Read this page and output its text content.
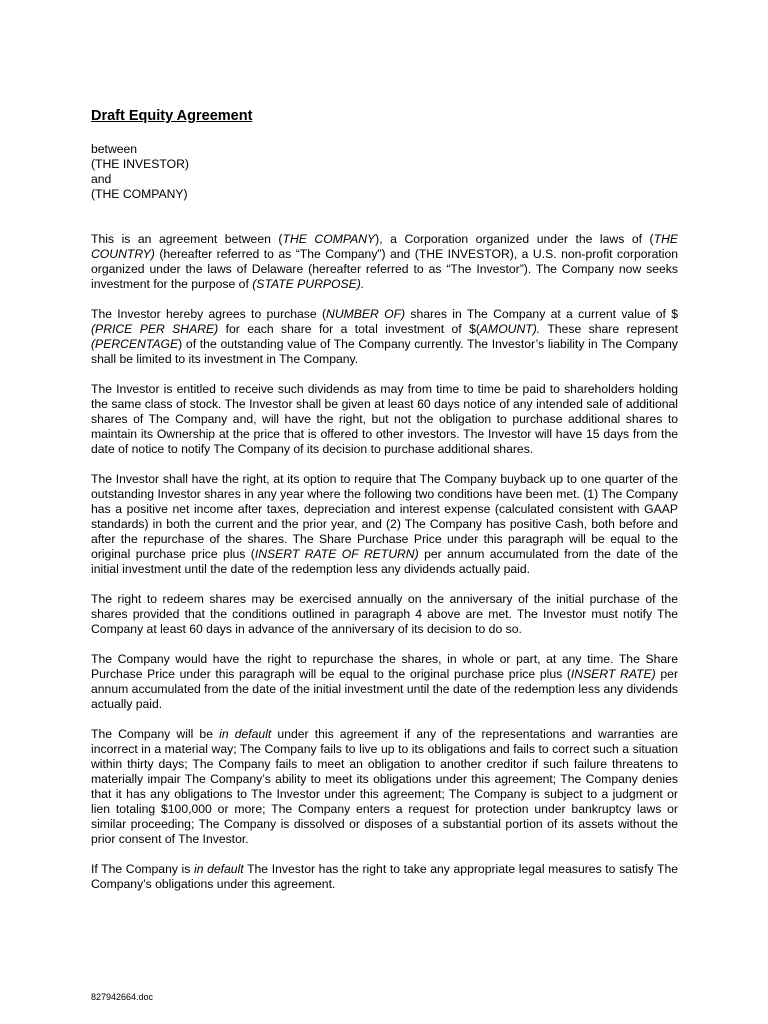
Draft Equity Agreement
between
(THE INVESTOR)
and
(THE COMPANY)

This is an agreement between (THE COMPANY), a Corporation organized under the laws of (THE COUNTRY) (hereafter referred to as “The Company”) and (THE INVESTOR), a U.S. non-profit corporation organized under the laws of Delaware (hereafter referred to as “The Investor”). The Company now seeks investment for the purpose of (STATE PURPOSE).

The Investor hereby agrees to purchase (NUMBER OF) shares in The Company at a current value of $ (PRICE PER SHARE) for each share for a total investment of $(AMOUNT). These share represent (PERCENTAGE) of the outstanding value of The Company currently. The Investor’s liability in The Company shall be limited to its investment in The Company.

The Investor is entitled to receive such dividends as may from time to time be paid to shareholders holding the same class of stock. The Investor shall be given at least 60 days notice of any intended sale of additional shares of The Company and, will have the right, but not the obligation to purchase additional shares to maintain its Ownership at the price that is offered to other investors. The Investor will have 15 days from the date of notice to notify The Company of its decision to purchase additional shares.

The Investor shall have the right, at its option to require that The Company buyback up to one quarter of the outstanding Investor shares in any year where the following two conditions have been met. (1) The Company has a positive net income after taxes, depreciation and interest expense (calculated consistent with GAAP standards) in both the current and the prior year, and (2) The Company has positive Cash, both before and after the repurchase of the shares. The Share Purchase Price under this paragraph will be equal to the original purchase price plus (INSERT RATE OF RETURN) per annum accumulated from the date of the initial investment until the date of the redemption less any dividends actually paid.

The right to redeem shares may be exercised annually on the anniversary of the initial purchase of the shares provided that the conditions outlined in paragraph 4 above are met. The Investor must notify The Company at least 60 days in advance of the anniversary of its decision to do so.

The Company would have the right to repurchase the shares, in whole or part, at any time. The Share Purchase Price under this paragraph will be equal to the original purchase price plus (INSERT RATE) per annum accumulated from the date of the initial investment until the date of the redemption less any dividends actually paid.

The Company will be in default under this agreement if any of the representations and warranties are incorrect in a material way; The Company fails to live up to its obligations and fails to correct such a situation within thirty days; The Company fails to meet an obligation to another creditor if such failure threatens to materially impair The Company’s ability to meet its obligations under this agreement; The Company denies that it has any obligations to The Investor under this agreement; The Company is subject to a judgment or lien totaling $100,000 or more; The Company enters a request for protection under bankruptcy laws or similar proceeding; The Company is dissolved or disposes of a substantial portion of its assets without the prior consent of The Investor.

If The Company is in default The Investor has the right to take any appropriate legal measures to satisfy The Company’s obligations under this agreement.

827942664.doc
